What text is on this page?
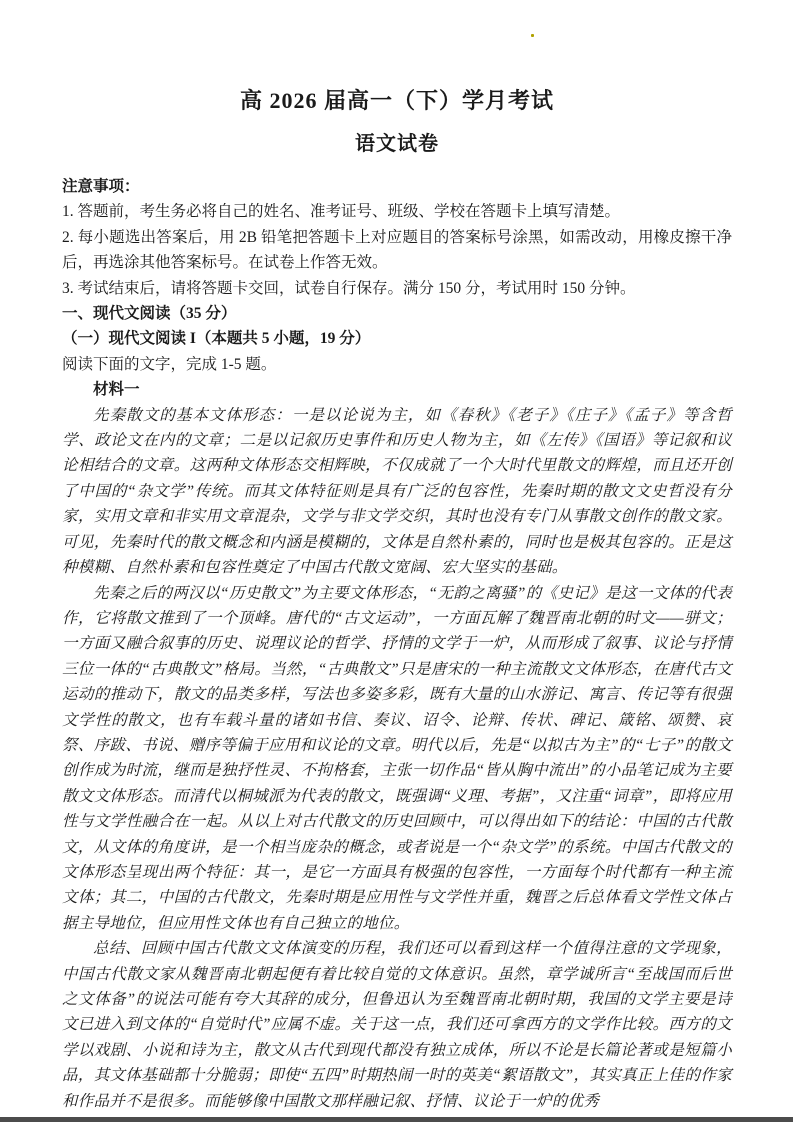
高 2026 届高一（下）学月考试
语文试卷

注意事项：

1. 答题前，考生务必将自己的姓名、准考证号、班级、学校在答题卡上填写清楚。

2. 每小题选出答案后，用 2B 铅笔把答题卡上对应题目的答案标号涂黑，如需改动，用橡皮擦干净后，再选涂其他答案标号。在试卷上作答无效。

3. 考试结束后，请将答题卡交回，试卷自行保存。满分 150 分，考试用时 150 分钟。

一、现代文阅读（35 分）

（一）现代文阅读 I（本题共 5 小题，19 分）

阅读下面的文字，完成 1-5 题。

材料一

先秦散文的基本文体形态：一是以论说为主，如《春秋》《老子》《庄子》《孟子》等含哲学、政论文在内的文章；二是以记叙历史事件和历史人物为主，如《左传》《国语》等记叙和议论相结合的文章。这两种文体形态交相辉映，不仅成就了一个大时代里散文的辉煌，而且还开创了中国的“杂文学”传统。而其文体特征则是具有广泛的包容性，先秦时期的散文文史哲没有分家，实用文章和非实用文章混杂，文学与非文学交织，其时也没有专门从事散文创作的散文家。可见，先秦时代的散文概念和内涵是模糊的，文体是自然朴素的，同时也是极其包容的。正是这种模糊、自然朴素和包容性奠定了中国古代散文宽阔、宏大坚实的基础。

先秦之后的两汉以“历史散文”为主要文体形态，“无韵之离骚”的《史记》是这一文体的代表作，它将散文推到了一个顶峰。唐代的“古文运动”，一方面瓦解了魏晋南北朝的时文——骈文；一方面又融合叙事的历史、说理议论的哲学、抒情的文学于一炉，从而形成了叙事、议论与抒情三位一体的“古典散文”格局。当然，“古典散文”只是唐宋的一种主流散文文体形态，在唐代古文运动的推动下，散文的品类多样，写法也多姿多彩，既有大量的山水游记、寓言、传记等有很强文学性的散文，也有车载斗量的诸如书信、奏议、诏令、论辩、传状、碑记、箴铭、颂赞、哀祭、序跋、书说、赠序等偏于应用和议论的文章。明代以后，先是“以拟古为主”的“七子”的散文创作成为时流，继而是独抒性灵、不拘格套，主张一切作品“皆从胸中流出”的小品笔记成为主要散文文体形态。而清代以桐城派为代表的散文，既强调“义理、考据”，又注重“词章”，即将应用性与文学性融合在一起。从以上对古代散文的历史回顾中，可以得出如下的结论：中国的古代散文，从文体的角度讲，是一个相当庞杂的概念，或者说是一个“杂文学”的系统。中国古代散文的文体形态呈现出两个特征：其一，是它一方面具有极强的包容性，一方面每个时代都有一种主流文体；其二，中国的古代散文，先秦时期是应用性与文学性并重，魏晋之后总体看文学性文体占据主导地位，但应用性文体也有自己独立的地位。

总结、回顾中国古代散文文体演变的历程，我们还可以看到这样一个值得注意的文学现象，中国古代散文家从魏晋南北朝起便有着比较自觉的文体意识。虽然，章学诚所言“至战国而后世之文体备”的说法可能有夸大其辞的成分，但鲁迅认为至魏晋南北朝时期，我国的文学主要是诗文已进入到文体的“自觉时代”应属不虚。关于这一点，我们还可拿西方的文学作比较。西方的文学以戏剧、小说和诗为主，散文从古代到现代都没有独立成体，所以不论是长篇论著或是短篇小品，其文体基础都十分脆弱；即使“五四”时期热闹一时的英美“絮语散文”，其实真正上佳的作家和作品并不是很多。而能够像中国散文那样融记叙、抒情、议论于一炉的优秀
